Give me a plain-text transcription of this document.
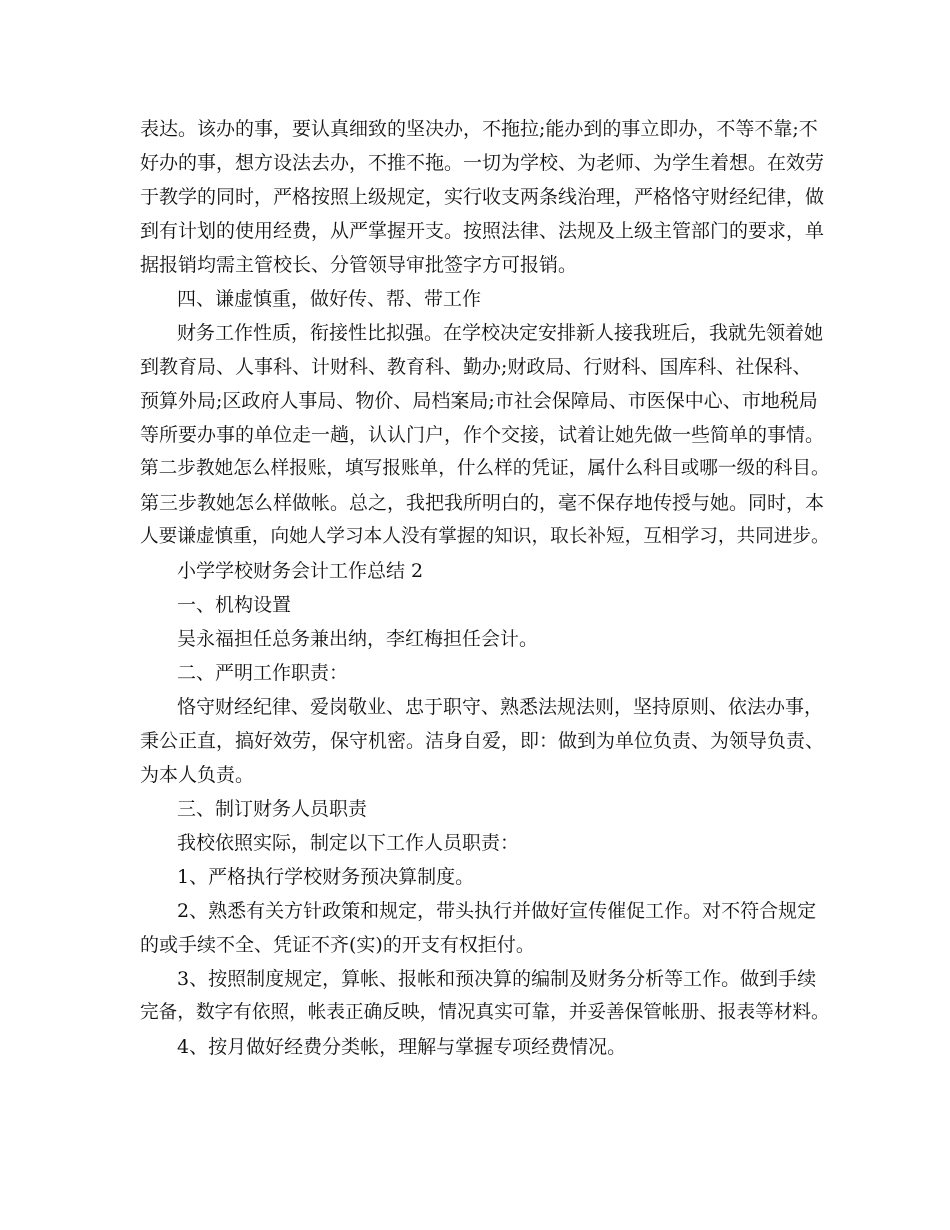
表达。该办的事，要认真细致的坚决办，不拖拉;能办到的事立即办，不等不靠;不
好办的事，想方设法去办，不推不拖。一切为学校、为老师、为学生着想。在效劳
于教学的同时，严格按照上级规定，实行收支两条线治理，严格恪守财经纪律，做
到有计划的使用经费，从严掌握开支。按照法律、法规及上级主管部门的要求，单
据报销均需主管校长、分管领导审批签字方可报销。
四、谦虚慎重，做好传、帮、带工作
财务工作性质，衔接性比拟强。在学校决定安排新人接我班后，我就先领着她
到教育局、人事科、计财科、教育科、勤办;财政局、行财科、国库科、社保科、
预算外局;区政府人事局、物价、局档案局;市社会保障局、市医保中心、市地税局
等所要办事的单位走一趟，认认门户，作个交接，试着让她先做一些简单的事情。
第二步教她怎么样报账，填写报账单，什么样的凭证，属什么科目或哪一级的科目。
第三步教她怎么样做帐。总之，我把我所明白的，毫不保存地传授与她。同时，本
人要谦虚慎重，向她人学习本人没有掌握的知识，取长补短，互相学习，共同进步。
小学学校财务会计工作总结 2
一、机构设置
吴永福担任总务兼出纳，李红梅担任会计。
二、严明工作职责：
恪守财经纪律、爱岗敬业、忠于职守、熟悉法规法则，坚持原则、依法办事，
秉公正直，搞好效劳，保守机密。洁身自爱，即：做到为单位负责、为领导负责、
为本人负责。
三、制订财务人员职责
我校依照实际，制定以下工作人员职责：
1、严格执行学校财务预决算制度。
2、熟悉有关方针政策和规定，带头执行并做好宣传催促工作。对不符合规定
的或手续不全、凭证不齐(实)的开支有权拒付。
3、按照制度规定，算帐、报帐和预决算的编制及财务分析等工作。做到手续
完备，数字有依照，帐表正确反映，情况真实可靠，并妥善保管帐册、报表等材料。
4、按月做好经费分类帐，理解与掌握专项经费情况。
